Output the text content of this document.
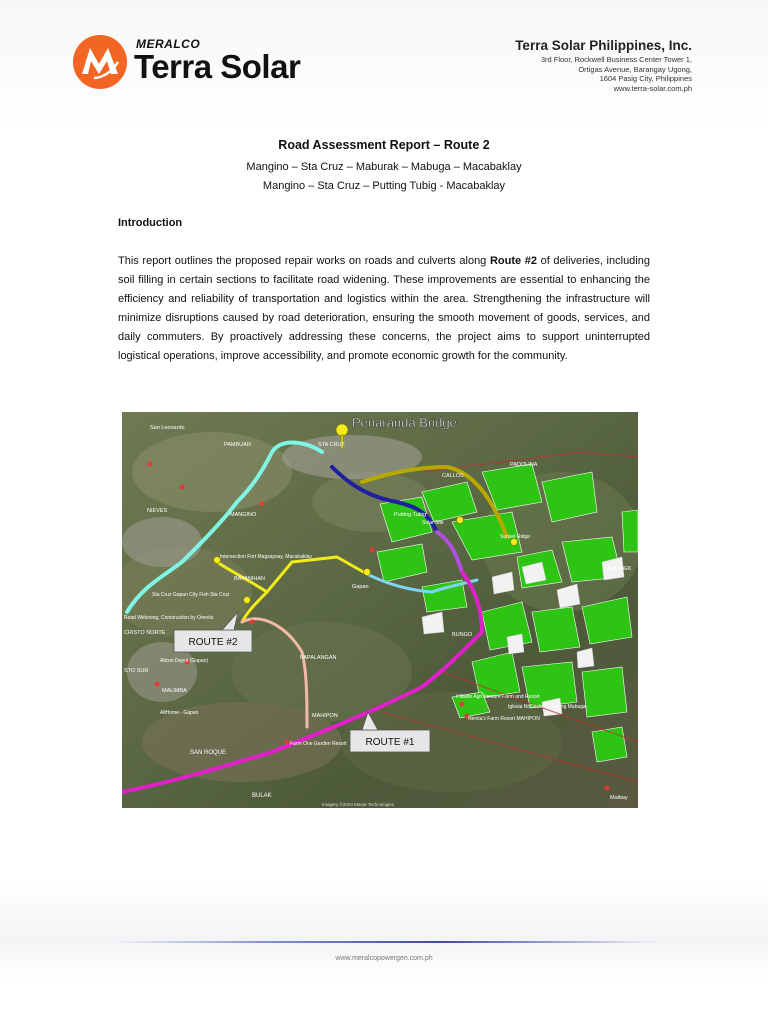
MERALCO
Terra Solar
Terra Solar Philippines, Inc.
3rd Floor, Rockwell Business Center Tower 1,
Ortigas Avenue, Barangay Ugong,
1604 Pasig City, Philippines
www.terra-solar.com.ph
Road Assessment Report – Route 2
Mangino – Sta Cruz – Maburak – Mabuga – Macabaklay
Mangino – Sta Cruz – Putting Tubig - Macabaklay
Introduction
This report outlines the proposed repair works on roads and culverts along Route #2 of deliveries, including soil filling in certain sections to facilitate road widening. These improvements are essential to enhancing the efficiency and reliability of transportation and logistics within the area. Strengthening the infrastructure will minimize disruptions caused by road deterioration, ensuring the smooth movement of goods, services, and daily commuters. By proactively addressing these concerns, the project aims to support uninterrupted logistical operations, improve accessibility, and promote economic growth for the community.
San Leonardo
PAMBUAN
MANGINO
NIEVES
BAYANIHAN
CRISTO NORTE
STO SUR
MALIMBA
SAN ROQUE
BULAK
PAPALANGAN
MAHIPON
BUNGO
PADOLINA
MAKABEK
Maibay
CALLOS
STA CRUZ
Putting Tubig
Gapan
Intersection Fort Magsaysay, Macabaklay
Sta Cruz Gapan City Fish Sta Cruz
Road Widening, Construction by Orentis
Alicon Depot (Gapan)
AllHome - Gapan
Farm One Garden Resort
Hillside Agri Venture Farm and Resort
Iglesia Ni Cristo - Lokal ng Mabuga
Nenita's Farm Resort MAHIPON
Solar Site
Sunset Ridge
Penaranda Bridge
ROUTE #2
ROUTE #1
Imagery ©2024 Maxar Technologies
www.meralcopowergen.com.ph
